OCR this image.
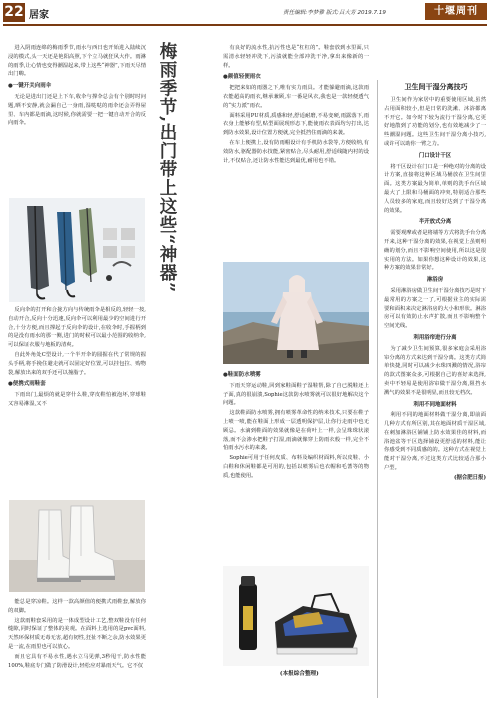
22 居家	责任编辑:李梦雅 版式:吕大芳 2019.7.19	十堰周刊

进入阴雨连绵的梅雨季节,雨水与西日也开始进入陆续沉浸的模式,头一天还是艳阳高照,下个立马就狂风大作。雨淋的雨季,让心情也变得潮湿起来,带上这些“神器”,下雨天尽情出门嗨。

●一键开关向雨伞

无论是进出门还是上下车,收伞与撑伞总会有个别时时问题,晒不安静,就会漏自己一身雨,湿哒哒的雨伞还会弄得屋里、车内都是雨滴,这时候,你就需要一把一键自动开合的反向雨伞。

反向伞的打开和合拢方向与传统雨伞是相反的,轻轻一按,自动开合,反向十分迅速,反向伞可以利用最少的空间进行开合,十分方便,而且撑起于反向伞的设计,在收伞时,手握柄到的是没有雨水的那一侧,进门的时候可以最小范围的收纳伞,可以保证衣服与地板的清爽。

自此外角处C型设计,一个半开伞的圆握在代了常规的握头手柄,将手挽住避走就可以固定好位置,可以挂包拉、购物袋,解放出来的双手还可以撞脂子。

●便携式雨鞋套

下雨出门,最烦的就是穿什么鞋,穿皮鞋怕被泡坏,穿球鞋又容易淋湿,又不

梅雨季节,出门带上这些“神器”

能总是穿凉鞋。这样一款高颜值的便携式雨鞋套,解放你的双脚。

这款雨鞋套采用的是一体成型设计工艺,整双鞋没有任何缝隙,同时保证了整体的美观。在面料上选用的是pvc面料,天然环保材质无毒无害,超有韧性,狂扯不断之余,防水效果更是一流,在雨里也可以放心。

而且它具有不易水性,遇水立马见弹,3秒甩干,防水性能100%,鞋底专门做了防滑设计,轻松应对暴雨天气。它不仅

有良好的流水性,抗污性也是“杠杠的”。鞋套放到水里面,只需清水轻轻冲洗下,污渍就能全部冲洗干净,拿出来像新的一样。

●颜值轻便雨衣

把把来如的雨器之下,唯有实力雨具。才能躲避雨滴,这款雨衣能超高的雨衣,继承兼顾,车一番是风衣,我也是一款轻便透气的“实力派”雨衣。

面料采用PU材质,质感和轻,舒适耐磨,不易变硬,雨露落下,雨衣身上能够有型,贴型面展现形态下,能使雨衣表面均匀打出,达到防水效果,设计位置方便就,完全抵挡住雨滴的来袭。

在车上便携上,设有防雨帽设计有手机防水袋等,方便收纳,有效防水,驱配器防水技能,紧密贴合,尽头耐用,舒适线随内衬的设计,不仅贴合,还让防水性能达到最优,耐用也不错。

●鞋面防水喷雾

下雨天穿运动鞋,回到家鞋面鞋子湿鞋帮,除了自已脱鞋还上子面,真的很崩溃,Sophie这款防水喷雾就可以很好地解决这个问题。

这款鞋面防水喷雾,拥有喷雾革命性的纳米技术,只要在鞋子上喷一喷,能在鞋面上形成一层透明保护层,让你行走雨中也无顾忌。水滴到鞋面的效果就像是在荷叶上一样,会呈珠珠状滚落,而不会渗水把鞋子打湿,雨滴就像穿上防雨衣般一样,完全不怕雨水污水的来袭。

Sophie可用于任何皮质、布料及编织材面料,所以皮鞋、小白鞋和休闲鞋都是可用的,包括以喷雾后也衣帽和毛蓍等的物质,也能使用。

(本报综合整理)

卫生间干湿分离技巧

卫生间作为家居中的重要使用区域,虽然占用面积较小,但是日常的洗漱、沐浴都离不开它。如今时下较为流行干湿分离,它更好地散到了功能的划分,也有效地减少了一些潮湿问题。这些卫生间干湿分离小技巧,或许可以助你一臂之力。

门口设计干区

将干区设计在门口是一种绝对的分离的设计方案,直接将这种区域马桶放在卫生间里面。这类方案最为简单,单则的洗手台区域最大了上限和马桶面的冲突,特别适合那些人员较多的家庭,而且较好达到了干湿分离的效果。

半开放式分离

需要观摩或者是将墙等方式将洗手台分离开来,这种干湿分离的效果,在视觉上虽则明确的划分,而且不影响空间使用,所以这是很实用的方法。如果你想这种设计的效果,这种方案的效果非常好。

淋浴房

采用淋浴房做卫生间干湿分离技巧是时下最常用的方案之一了,可根据业主的实际需要和面积来决定淋浴房的大小和形状。淋浴房可以有效防止水声扩散,而且不影响整个空间光线。

利用浴帘进行分离

为了减少卫生间预算,很多家庭会采用浴帘分离的方式来达到干湿分离。这类方式简单快捷,同时可以减少水珠四溅的情况,浴帘的款式图案众多,可根据自己的喜好来选择,卖中不轻易是使用浴帘做干湿分离,阻挡水溅气的效果不是很明显,而且较无档次。

利用不同地面材料

利用不同的地面材料做干湿分离,即前面几种方式有所区别,其在地面材质干湿区域,在刺加淋浴区铺铺上防水效果佳的材料,而浴池盆等干区选择铺设更舒适的材料,能让你感受到不同质感的的。这种方式在视觉上能对干湿分离,不过这类方式比较适合那小户型。

(据合肥日报)
